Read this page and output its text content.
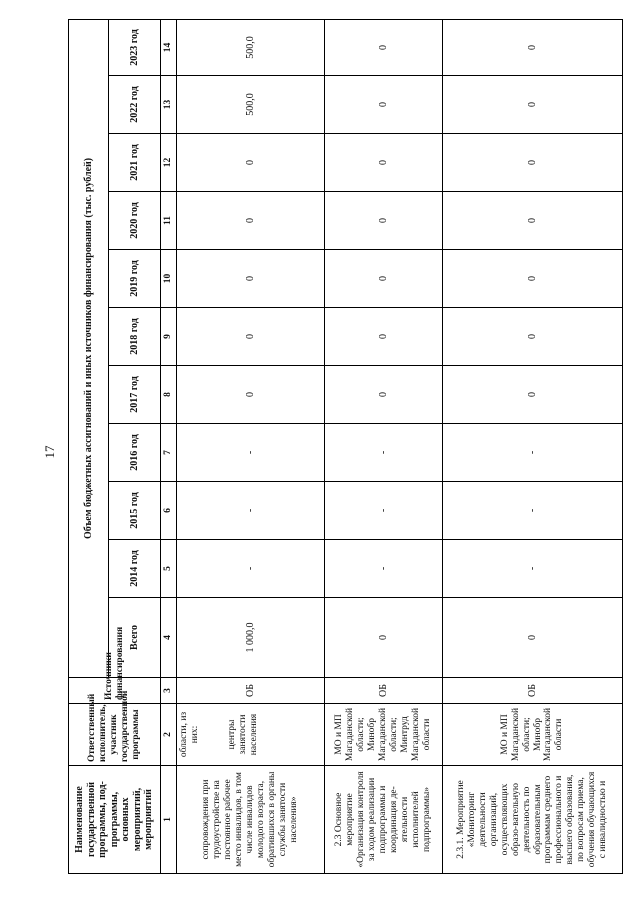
17
Наименование государственной программы, под-программы, основных мероприятий, мероприятий	Ответственный исполнитель, участник государственной программы	Источники финансирования	Объем бюджетных ассигнований и иных источников финансирования (тыс. рублей)										
			Всего	2014 год	2015 год	2016 год	2017 год	2018 год	2019 год	2020 год	2021 год	2022 год	2023 год
1	2	3	4	5	6	7	8	9	10	11	12	13	14
сопровождения при трудоустройстве на постоянное рабочее место инвалидов, в том числе инвалидов молодого возраста, обратившихся в органы службы занятости населения»	области, из них: центры занятости населения	ОБ	1 000,0	-	-	-	0	0	0	0	0	500,0	500,0
2.3 Основное мероприятие «Организация контроля за ходом реализации подпрограммы и координация де-ятельности исполнителей подпрограммы»	МО и МП Магаданской области; Минобр Магаданской области; Минтруд Магаданской области	ОБ	0	-	-	-	0	0	0	0	0	0	0
2.3.1. Мероприятие «Мониторинг деятельности организаций, осуществляющих образо-вательную деятельность по образовательным программам среднего профессионального и высшего образования, по вопросам приема, обучения обучающихся с инвалидностью и	МО и МП Магаданской области; Минобр Магаданской области	ОБ	0	-	-	-	0	0	0	0	0	0	0
